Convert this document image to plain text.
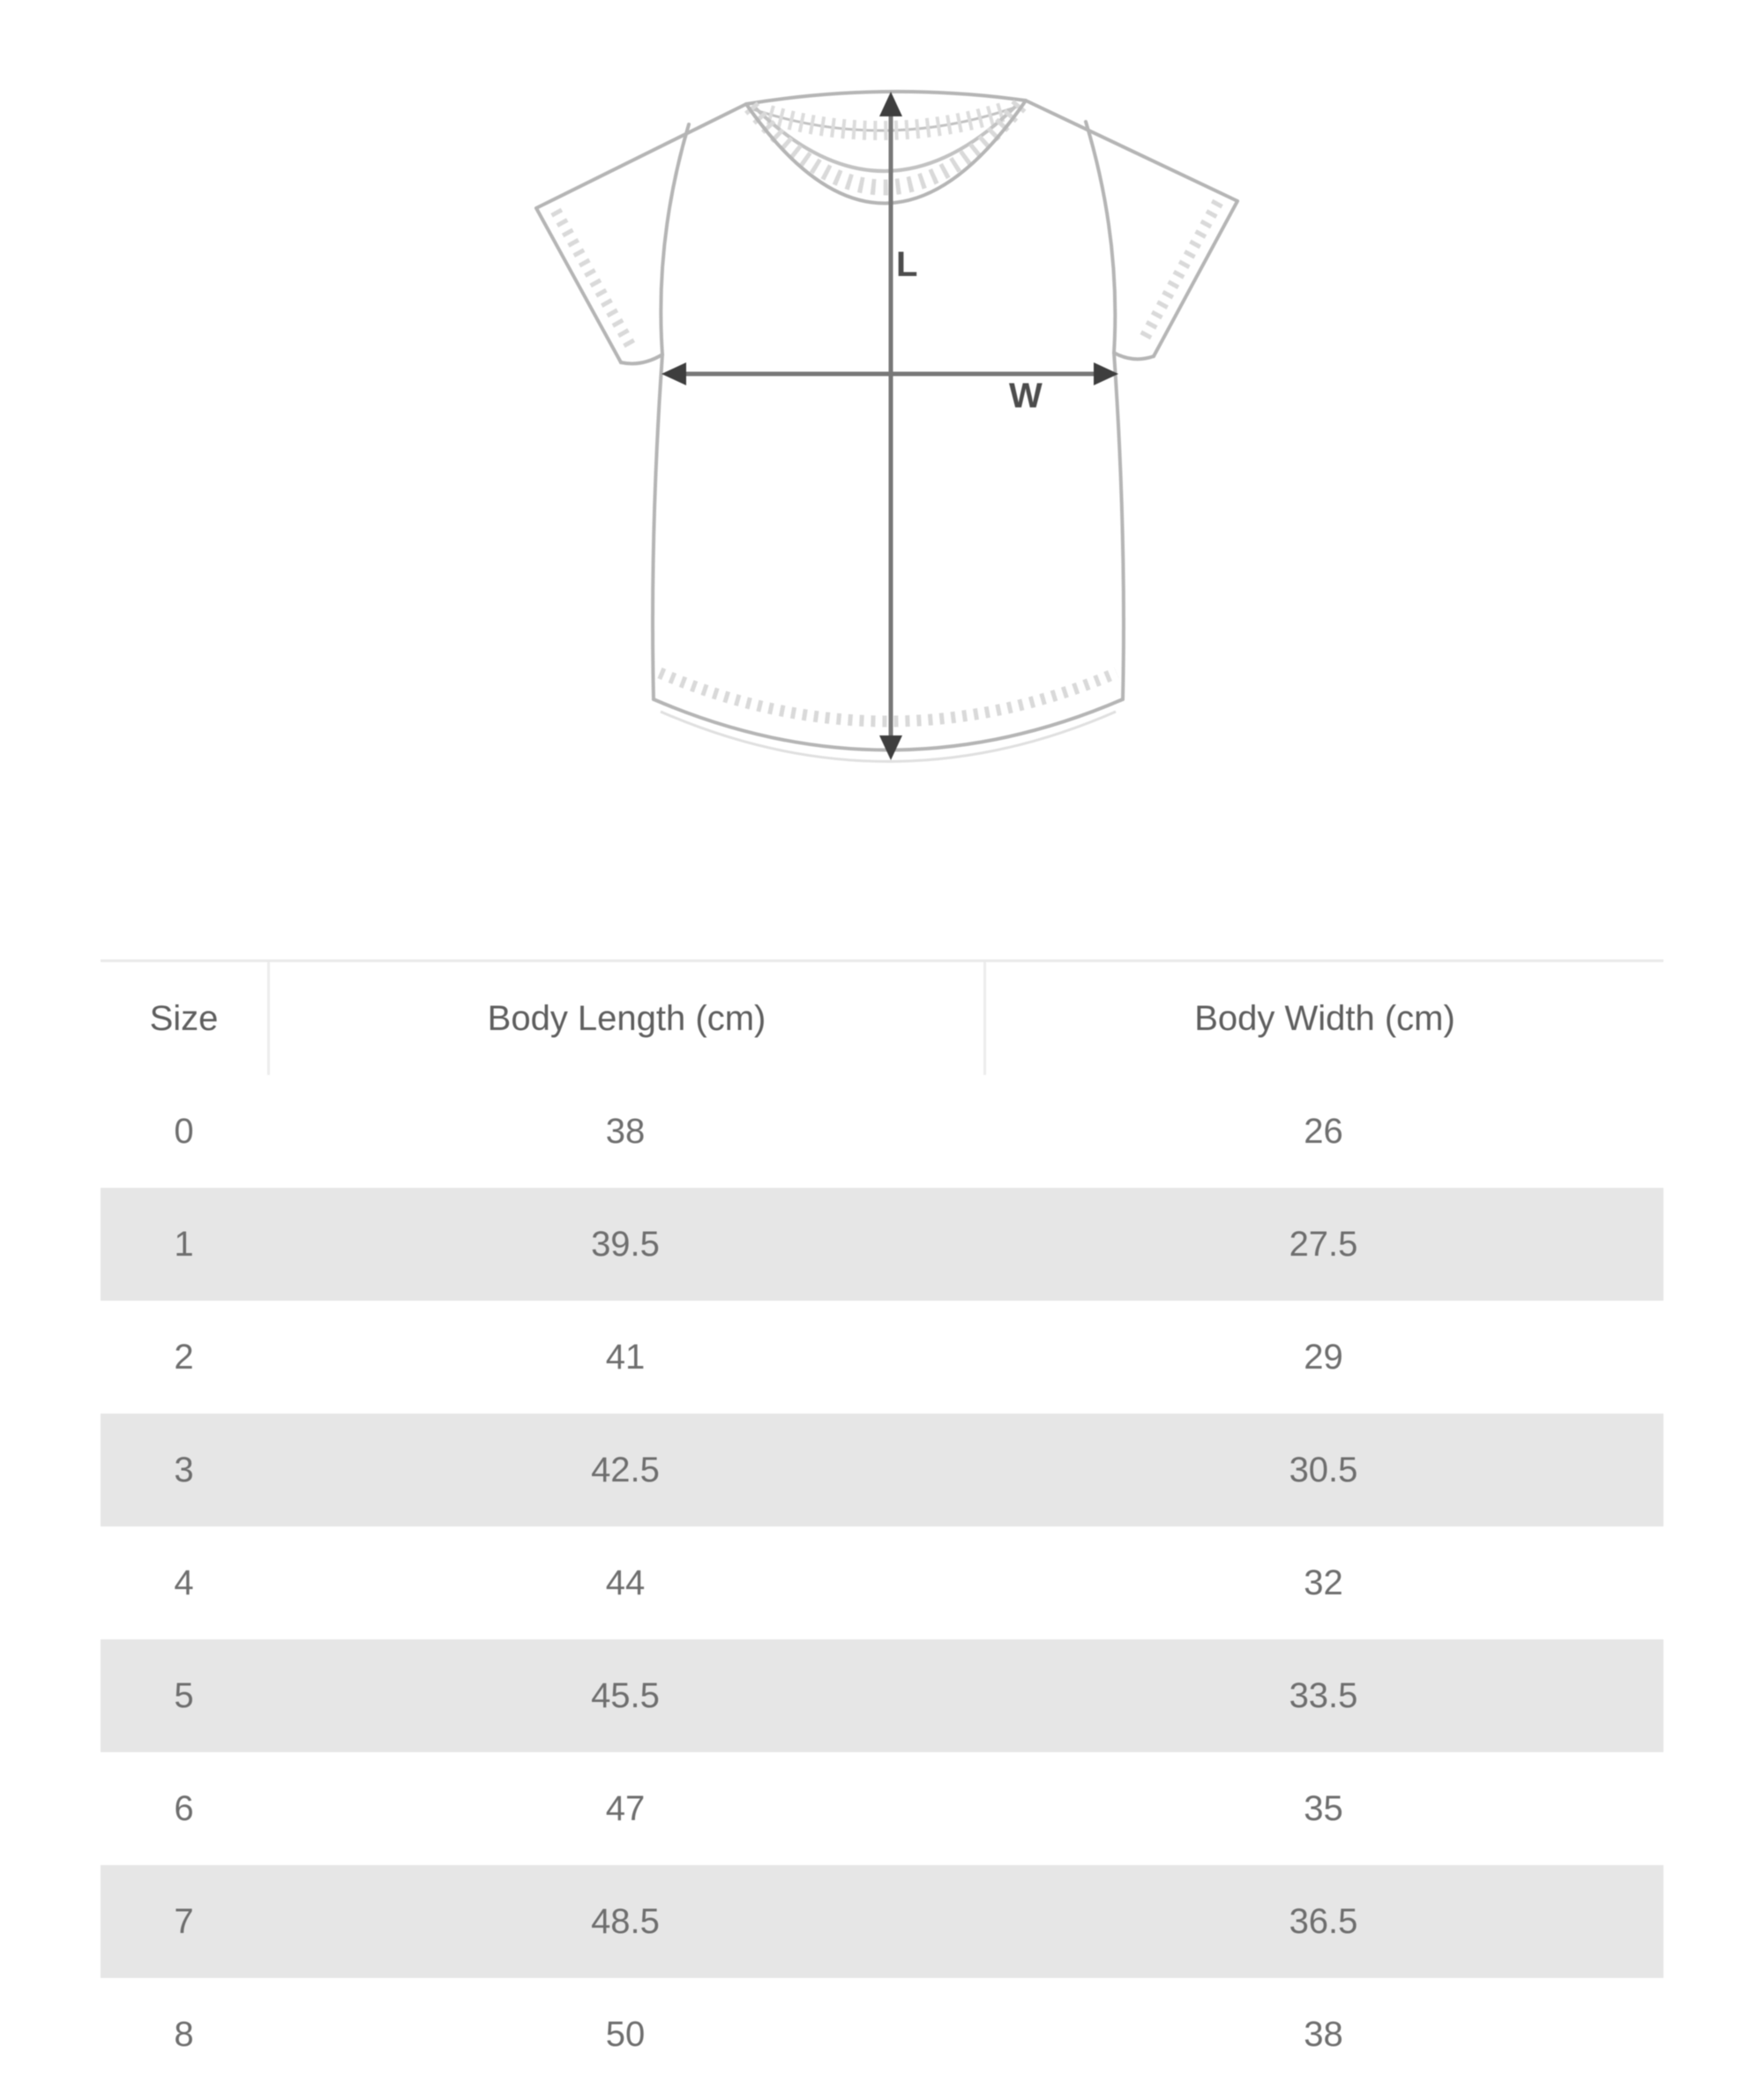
L
W
Size	Body Length (cm)	Body Width (cm)
0	38	26
1	39.5	27.5
2	41	29
3	42.5	30.5
4	44	32
5	45.5	33.5
6	47	35
7	48.5	36.5
8	50	38
